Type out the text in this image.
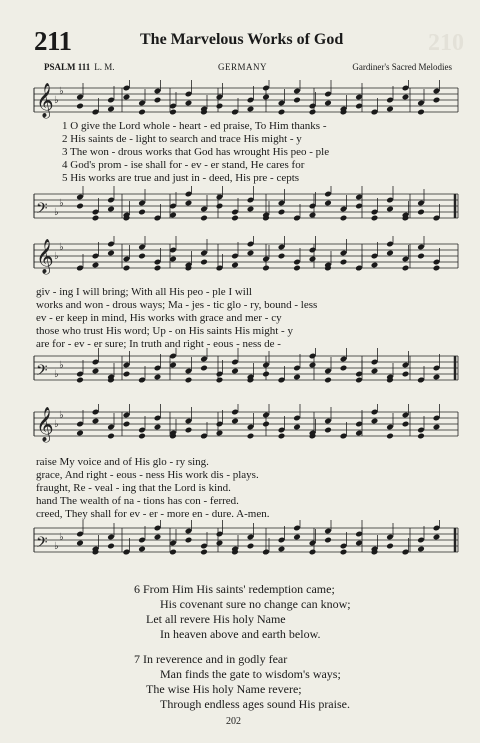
211	The Marvelous Works of God	210
PSALM 111 L. M.	GERMANY	Gardiner's Sacred Melodies
𝄞 ♭
♭
1 O give the Lord whole - heart - ed praise, To Him thanks -
2 His saints de - light to search and trace His might - y
3 The won - drous works that God has wrought His peo - ple
4 God's prom - ise shall for - ev - er stand, He cares for
5 His works are true and just in - deed, His pre - cepts
𝄢 ♭
♭
𝄞 ♭
♭
giv - ing I will bring; With all His peo - ple I will
works and won - drous ways; Ma - jes - tic glo - ry, bound - less
ev - er keep in mind, His works with grace and mer - cy
those who trust His word; Up - on His saints His might - y
are for - ev - er sure; In truth and right - eous - ness de -
𝄢 ♭
♭
𝄞 ♭
♭
raise My voice and of His glo - ry sing.
grace, And right - eous - ness His work dis - plays.
fraught, Re - veal - ing that the Lord is kind.
hand The wealth of na - tions has con - ferred.
creed, They shall for ev - er - more en - dure. A-men.
𝄢 ♭
♭
6 From Him His saints' redemption came;
His covenant sure no change can know;
Let all revere His holy Name
In heaven above and earth below.
7 In reverence and in godly fear
Man finds the gate to wisdom's ways;
The wise His holy Name revere;
Through endless ages sound His praise.
202
